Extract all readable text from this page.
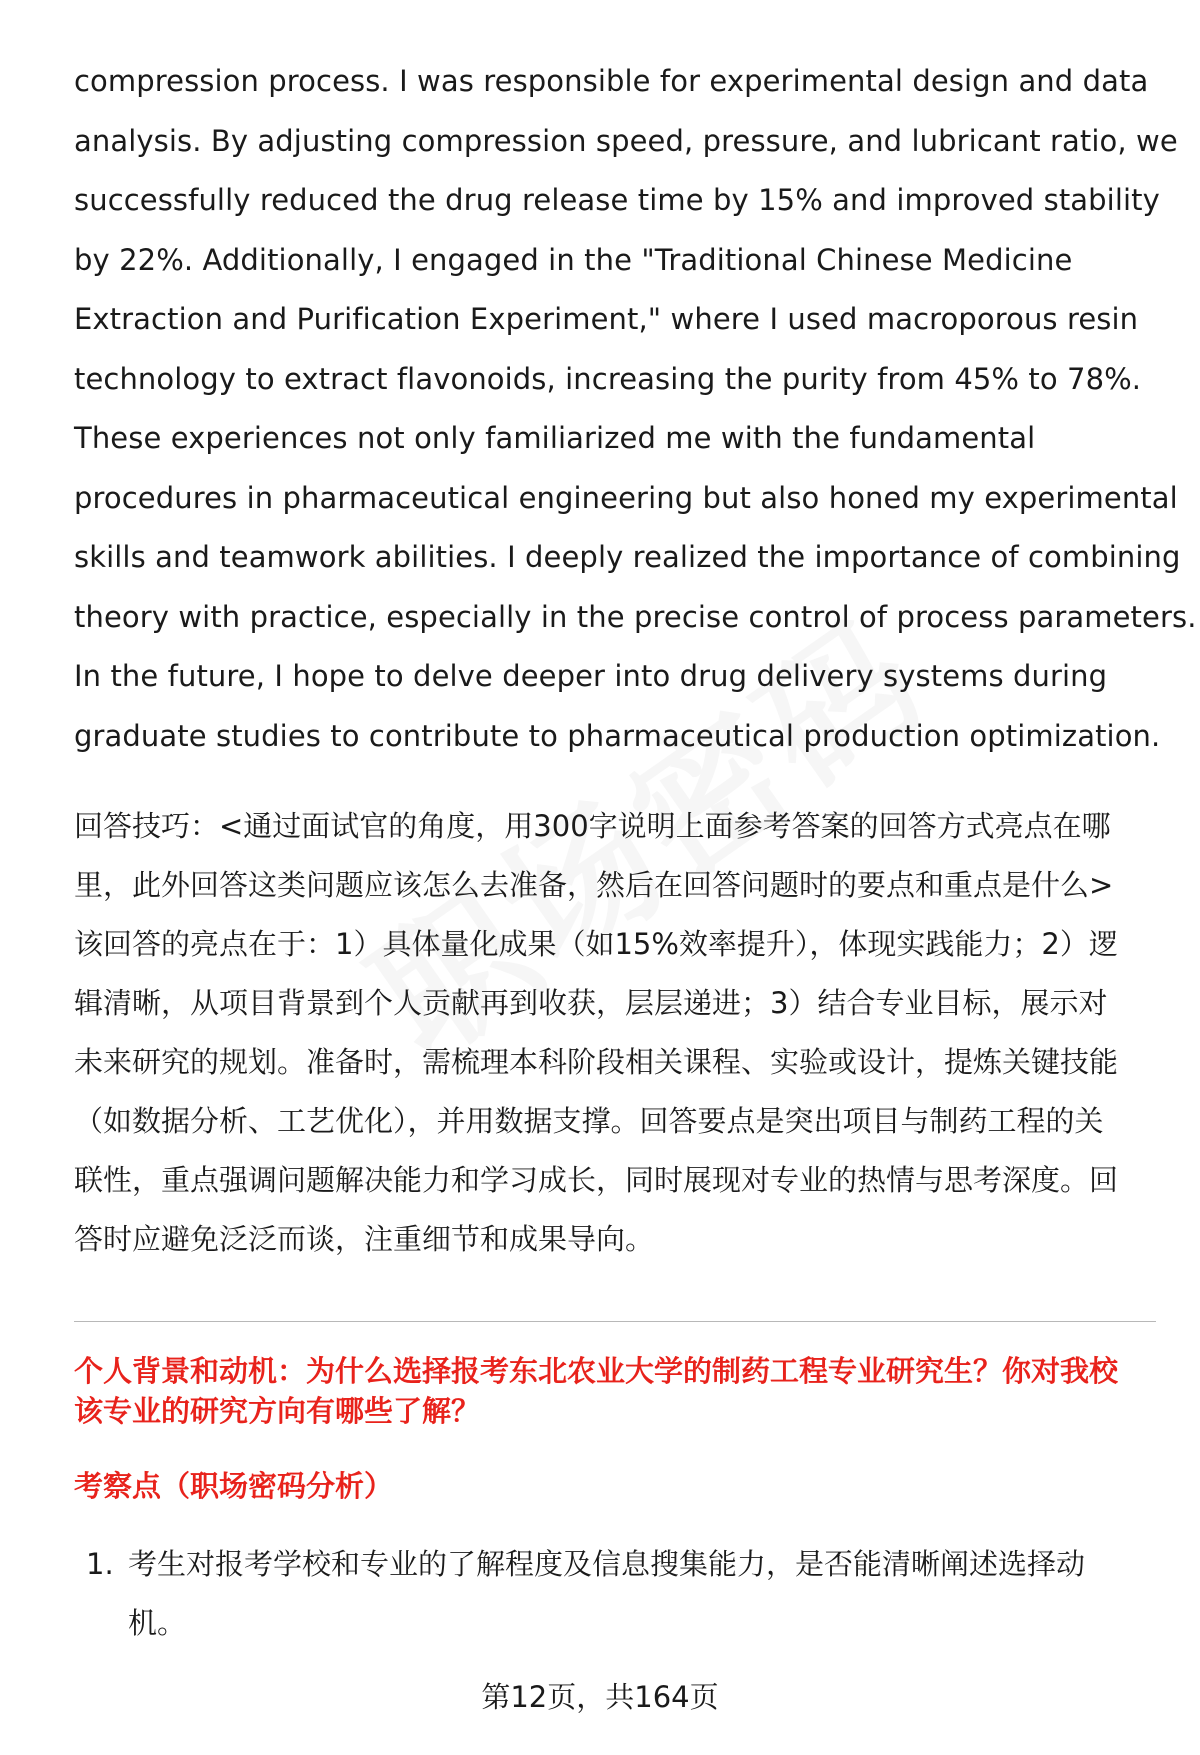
compression process. I was responsible for experimental design and data
analysis. By adjusting compression speed, pressure, and lubricant ratio, we
successfully reduced the drug release time by 15% and improved stability
by 22%. Additionally, I engaged in the "Traditional Chinese Medicine
Extraction and Purification Experiment," where I used macroporous resin
technology to extract flavonoids, increasing the purity from 45% to 78%.
These experiences not only familiarized me with the fundamental
procedures in pharmaceutical engineering but also honed my experimental
skills and teamwork abilities. I deeply realized the importance of combining
theory with practice, especially in the precise control of process parameters.
In the future, I hope to delve deeper into drug delivery systems during
graduate studies to contribute to pharmaceutical production optimization.
回答技巧：<通过面试官的角度，用300字说明上面参考答案的回答方式亮点在哪
里，此外回答这类问题应该怎么去准备，然后在回答问题时的要点和重点是什么>
该回答的亮点在于：1）具体量化成果（如15%效率提升），体现实践能力；2）逻
辑清晰，从项目背景到个人贡献再到收获，层层递进；3）结合专业目标，展示对
未来研究的规划。准备时，需梳理本科阶段相关课程、实验或设计，提炼关键技能
（如数据分析、工艺优化），并用数据支撑。回答要点是突出项目与制药工程的关
联性，重点强调问题解决能力和学习成长，同时展现对专业的热情与思考深度。回
答时应避免泛泛而谈，注重细节和成果导向。
个人背景和动机：为什么选择报考东北农业大学的制药工程专业研究生？你对我校
该专业的研究方向有哪些了解？
考察点（职场密码分析）
1. 考生对报考学校和专业的了解程度及信息搜集能力，是否能清晰阐述选择动
机。
第12页，共164页
